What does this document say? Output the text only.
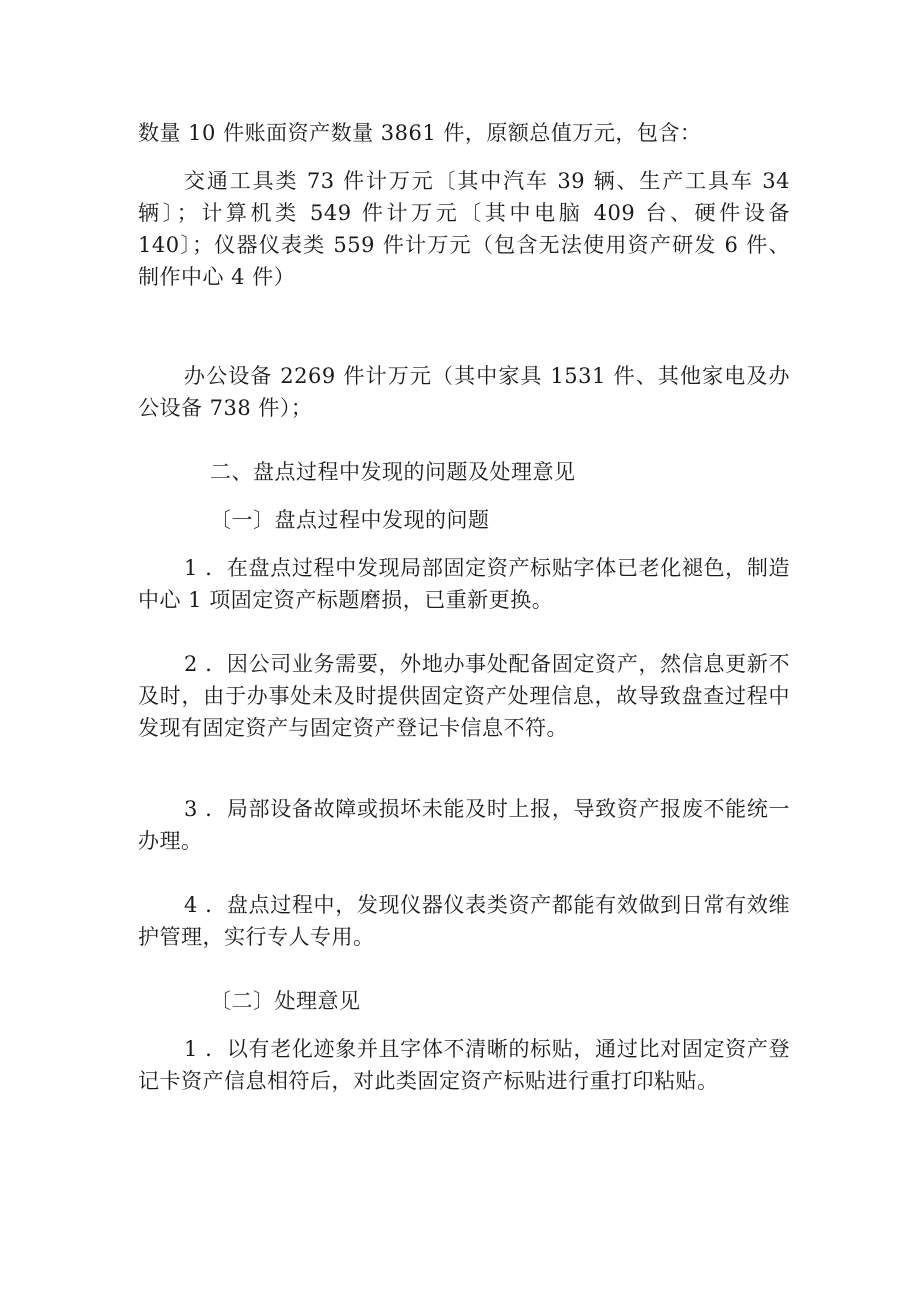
数量 10 件账面资产数量 3861 件，原额总值万元，包含：

交通工具类 73 件计万元〔其中汽车 39 辆、生产工具车 34 辆〕；计算机类 549 件计万元〔其中电脑 409 台、硬件设备 140〕；仪器仪表类 559 件计万元（包含无法使用资产研发 6 件、制作中心 4 件）

办公设备 2269 件计万元（其中家具 1531 件、其他家电及办公设备 738 件）；

二、盘点过程中发现的问题及处理意见

〔一〕盘点过程中发现的问题

1 ．在盘点过程中发现局部固定资产标贴字体已老化褪色，制造中心 1 项固定资产标题磨损，已重新更换。

2 ．因公司业务需要，外地办事处配备固定资产，然信息更新不及时，由于办事处未及时提供固定资产处理信息，故导致盘查过程中发现有固定资产与固定资产登记卡信息不符。

3 ．局部设备故障或损坏未能及时上报，导致资产报废不能统一办理。

4 ．盘点过程中，发现仪器仪表类资产都能有效做到日常有效维护管理，实行专人专用。

〔二〕处理意见

1 ．以有老化迹象并且字体不清晰的标贴，通过比对固定资产登记卡资产信息相符后，对此类固定资产标贴进行重打印粘贴。
